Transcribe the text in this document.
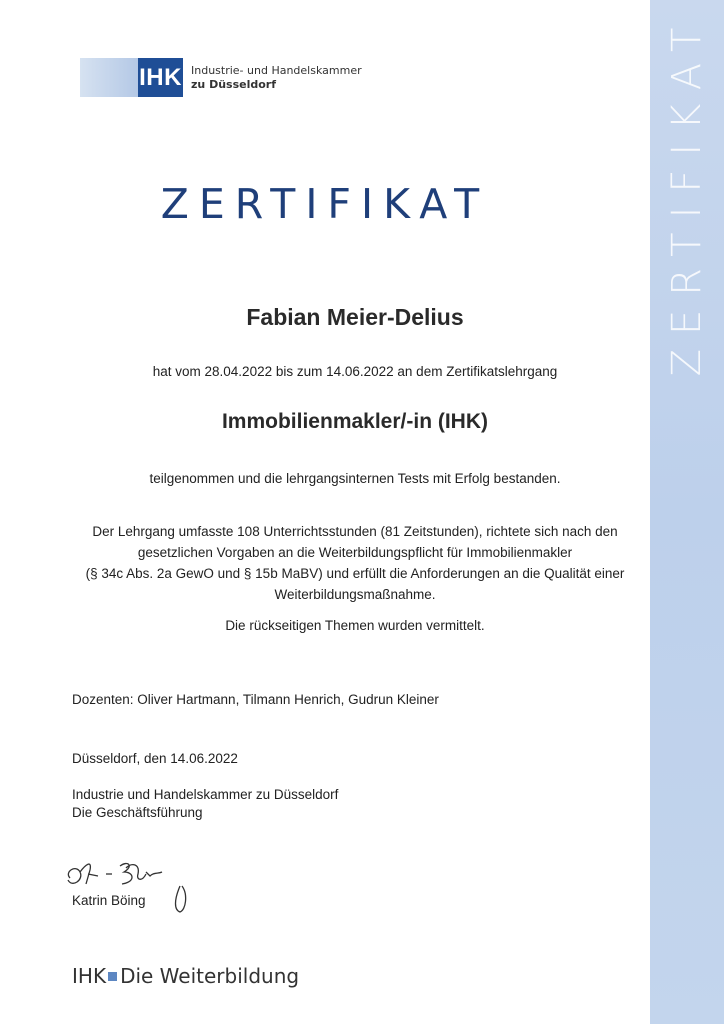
ZERTIFIKAT
IHK Industrie- und Handelskammer
zu Düsseldorf
ZERTIFIKAT
Fabian Meier-Delius
hat vom 28.04.2022 bis zum 14.06.2022 an dem Zertifikatslehrgang
Immobilienmakler/-in (IHK)
teilgenommen und die lehrgangsinternen Tests mit Erfolg bestanden.
Der Lehrgang umfasste 108 Unterrichtsstunden (81 Zeitstunden), richtete sich nach den
gesetzlichen Vorgaben an die Weiterbildungspflicht für Immobilienmakler
(§ 34c Abs. 2a GewO und § 15b MaBV) und erfüllt die Anforderungen an die Qualität einer
Weiterbildungsmaßnahme.
Die rückseitigen Themen wurden vermittelt.
Dozenten: Oliver Hartmann, Tilmann Henrich, Gudrun Kleiner
Düsseldorf, den 14.06.2022
Industrie und Handelskammer zu Düsseldorf
Die Geschäftsführung
Katrin Böing
IHK Die Weiterbildung
